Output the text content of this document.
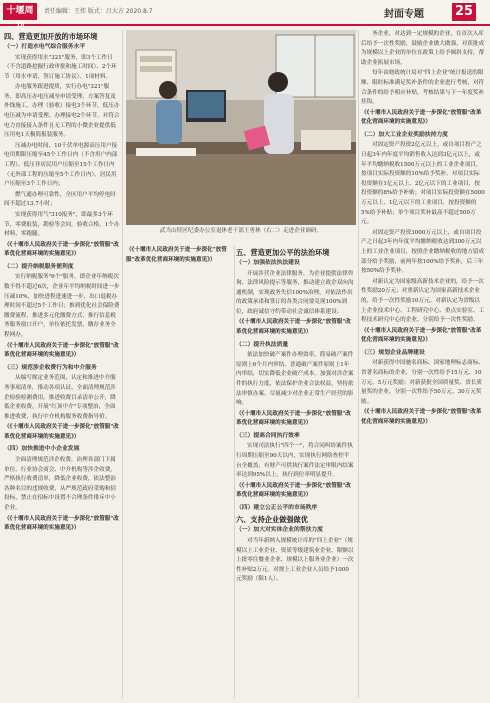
十堰周刊
责任编辑：王炜 版式：吕大方 2020.8.7	封面专题 25
四、营造更加开放的市场环境
（一）打造水电气综合服务水平

实现获得用水"321"服务，即3个工作日（不含道路挖掘行政审批和施工时间）、2个环节（用水申请、签订施工协议）、1项材料。

办电服务跟进提质，实行办电"321"服务，即高压办电压减至申请受理、方案答复及外线施工，办理（验收）接电3个环节，低压办电压减为申请受理、办理接电2个环节。对符合电力直接接入条件且无工程的小微企业提供低压用电1天极简报装服务。

压减办电时间，10千伏单电源高压用户接电用期限压缩至45个工作日内（不含用户内部工程），低压非居民用户压缩至15个工作日内（无外部工程的压缩至5个工作日内）。居民用户压缩至3个工作日内；

燃气通办理可靠性，全区用户平均停电时间不超过13.7小时；

实现获得用气"310报务"，即最多3个环节，零费报装，勘验等会同，验收合格，1个办材料，零跑腿。

（《十堰市人民政府关于进一步深化"放管服"改革优化营商环境的实施意见》）

（二）提升纳税服务便利度

实行纳税服务"6个"服务，即企业年纳税次数不得不超过6次，企业年平均纳税时间进一步压减10%，加快进程进速进一步，出口退税办理时间不超过5个工作日；推到优化社会保险费缴费流程，推进多元化缴费方式，推行信息税务服务窗口开户，单位依托发票，缴存业务全程网办。

（《十堰市人民政府关于进一步深化"放管服"改革优化营商环境的实施意见》）

（三）规范涉企收费行为和中介服务

从编写规定业务范围，认定和推进中介服务事项清单，推动各项认证，全面清理规范涉企检验检测费用。推进收费目录清单公开，降低企业收费，开展"红顶中介"专项整治，全面推进收费，执行中介机构服务收费指导价。

（《十堰市人民政府关于进一步深化"放管服"改革优化营商环境的实施意见》）

（四）加快推进中小企业发展

全面清理规范涉企收费，治理各部门下属单位、行业协会商会、中介机构等涉企收费，严格执行收费清单，降低企业收费，依法整治各种名目的违规收费，从严规范政府采购和招投标，禁止在招标中设置不合理条件排斥中小企业。

（《十堰市人民政府关于进一步深化"放管服"改革优化营商环境的实施意见》）

武当山特区纪委办公室退休老干部王勇林（右二）走进企业调研。

（《十堰市人民政府关于进一步深化"放管服"改革优化营商环境的实施意见》）

五、营造更加公平的法治环境
（一）加强依法执法建设

开展涉营企业法律服务，为企业提供法律咨询、法律风险提示等服务，推动建立政企双向沟通机制，实现政务失信100%治理，对依法作出的政策承诺和签订的各类合同要兑现100%到位，政府诚信守约带动社会诚信体系建设。

（《十堰市人民政府关于进一步深化"放管服"改革优化营商环境的实施意见》）

（二）提升执法质量

依法加快破产案件办理效率，简易破产案件原则上6个月内审结，普通破产案件原则上1年内审结，切实降低企业破产成本。加强对涉企案件的执行力度，依法保护企业合法权益，坚持依法审慎办案，尽量减少对企业正常生产经营的影响。

（《十堰市人民政府关于进一步深化"放管服"改革优化营商环境的实施意见》）

（三）提高合同执行效率

实现司法执行"四个一"，将合同纠纷案件执行周期压缩至90天以内，实现执行网络查控平台全覆盖，有财产可供执行案件法定审限内结案率达到95%以上，执行到位率明显提升。

（《十堰市人民政府关于进一步深化"放管服"改革优化营商环境的实施意见》）

（四）建立公正公平的市场秩序
六、支持企业做强做优
（一）加大对实体企业的帮扶力度

对当年新纳入规模统计库的"四上企业"（规模以上工业企业、资质等级建筑业企业、限额以上批零住餐业企业、规模以上服务业企业）一次性补贴2万元。对规上工业企业人员给予1000元奖励（限1人）。

务企业，对达到一定规模的企业，在首次入库后给予一次性奖励，鼓励企业做大做强，对获批成为规模以上企业的单位在政策上给予倾斜支持，帮助企业拓展市场。

每年由财政统计局对"四上企业"统计报送的限额、限时标准满足奖补条件的企业进行考核，对符合条件的给予相应补贴，考核结果与下一年度奖补挂钩。

（《十堰市人民政府关于进一步深化"放管服"改革优化营商环境的实施意见》）

（二）加大工业企业奖励扶持力度

对固定资产投资2亿元以上，或自项目投产之日起3年内年度平均销售收入达到3亿元以上，或年平均缴纳税收1500万元以上的工业企业项目，按项目实际投资额的10%给予奖补。对项目实际投资额在1亿元以上、2亿元以下的工业项目，按投资额的8%给予补贴；对项目实际投资额在5000万元以上、1亿元以下的工业项目，按投资额的5%给予补贴；单个项目奖补最高不超过500万元。

对固定资产投资3000万元以上，或自项目投产之日起3年内年度平均缴纳税收达到300万元以上的工业企业项目，按照企业缴纳税收的地方留成部分给予奖励，前两年按100%给予奖补，后三年按50%给予奖补。

对新认定为国家级高新技术企业的，给予一次性奖励20万元；对重新认定为国家高新技术企业的，给予一次性奖励10万元。对新认定为省级以上企业技术中心、工程研究中心、重点实验室、工程技术研究中心的企业，分别给予一次性奖励。

（《十堰市人民政府关于进一步深化"放管服"改革优化营商环境的实施意见》）

（三）规划企业品牌建设

对新获得中国驰名商标、国家地理标志商标、省著名商标的企业，分别一次性给予15万元、10万元、5万元奖励；对新获批全国质量奖、省长质量奖的企业，分别一次性给予50万元、30万元奖励。

（《十堰市人民政府关于进一步深化"放管服"改革优化营商环境的实施意见》）
